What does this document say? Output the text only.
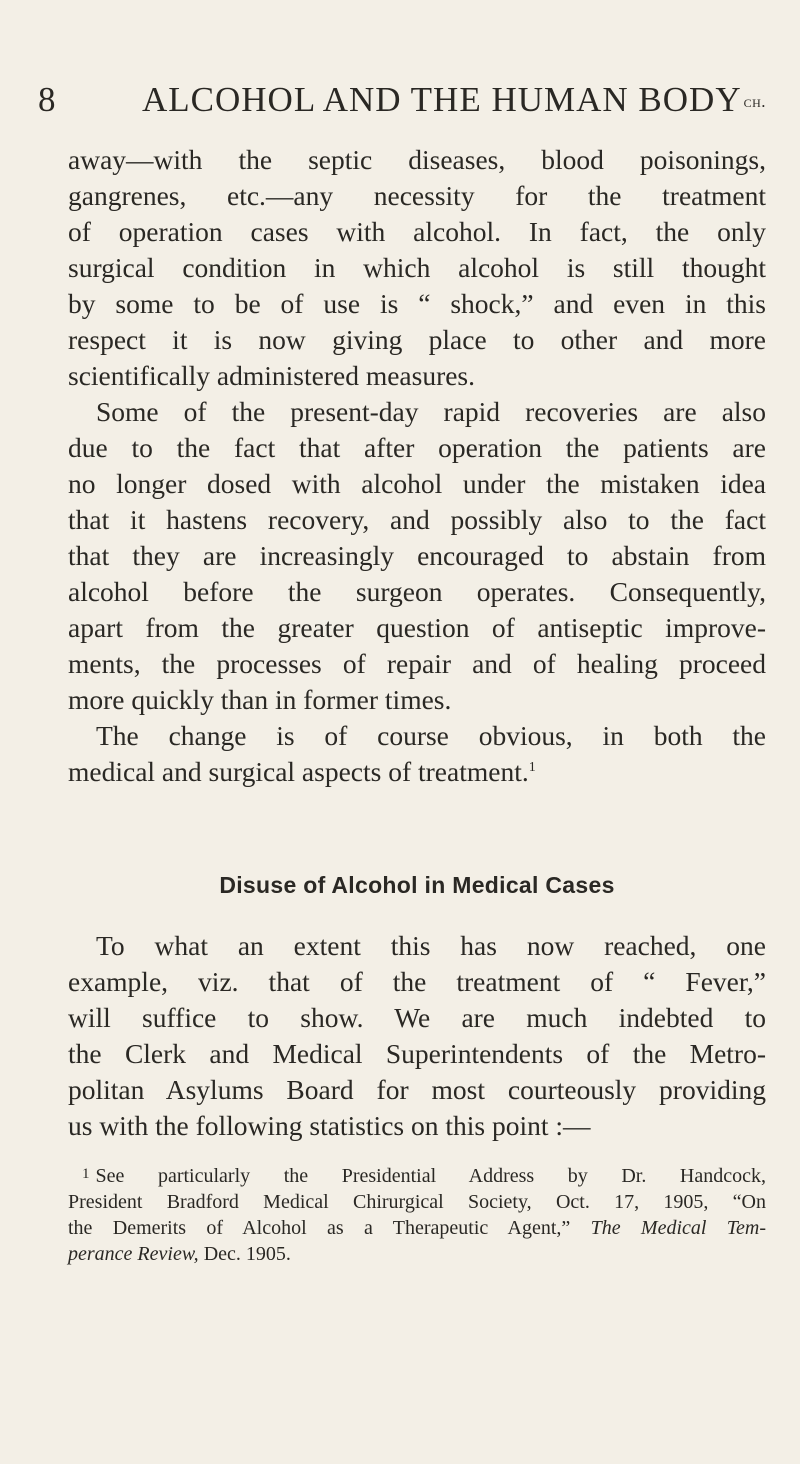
8 ALCOHOL AND THE HUMAN BODY ch.
away—with the septic diseases, blood poisonings,
gangrenes, etc.—any necessity for the treatment
of operation cases with alcohol. In fact, the only
surgical condition in which alcohol is still thought
by some to be of use is “ shock,” and even in this
respect it is now giving place to other and more
scientifically administered measures.
Some of the present-day rapid recoveries are also
due to the fact that after operation the patients are
no longer dosed with alcohol under the mistaken idea
that it hastens recovery, and possibly also to the fact
that they are increasingly encouraged to abstain from
alcohol before the surgeon operates. Consequently,
apart from the greater question of antiseptic improve-
ments, the processes of repair and of healing proceed
more quickly than in former times.
The change is of course obvious, in both the
medical and surgical aspects of treatment.$^1$
Disuse of Alcohol in Medical Cases
To what an extent this has now reached, one
example, viz. that of the treatment of “ Fever,”
will suffice to show. We are much indebted to
the Clerk and Medical Superintendents of the Metro-
politan Asylums Board for most courteously providing
us with the following statistics on this point :—
$^1$ See particularly the Presidential Address by Dr. Handcock,
President Bradford Medical Chirurgical Society, Oct. 17, 1905, “On
the Demerits of Alcohol as a Therapeutic Agent,” The Medical Tem-
perance Review, Dec. 1905.
